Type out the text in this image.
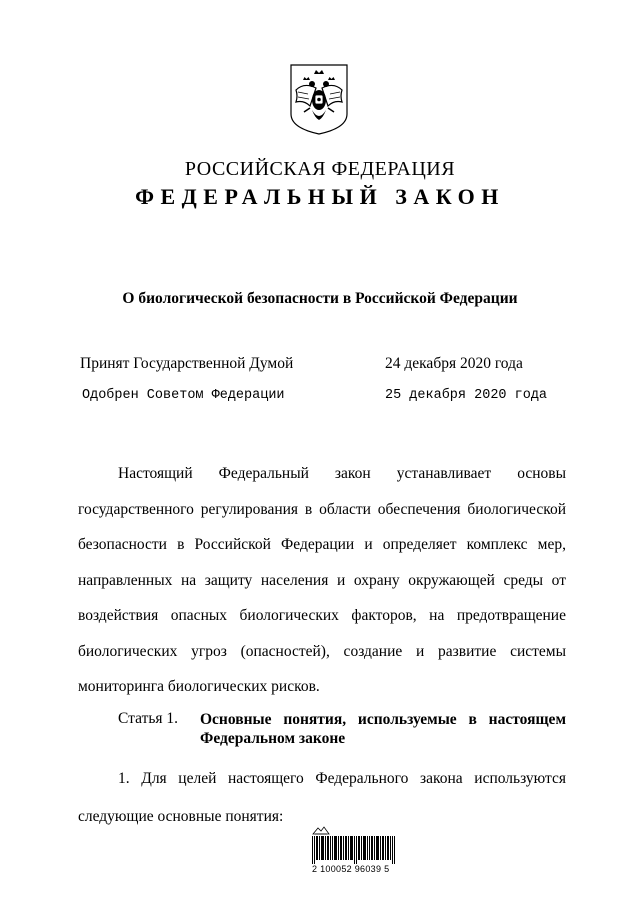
РОССИЙСКАЯ ФЕДЕРАЦИЯ
ФЕДЕРАЛЬНЫЙ ЗАКОН
О биологической безопасности в Российской Федерации
Принят Государственной Думой	24 декабря 2020 года
Одобрен Советом Федерации	25 декабря 2020 года

Настоящий Федеральный закон устанавливает основы государственного регулирования в области обеспечения биологической безопасности в Российской Федерации и определяет комплекс мер, направленных на защиту населения и охрану окружающей среды от воздействия опасных биологических факторов, на предотвращение биологических угроз (опасностей), создание и развитие системы мониторинга биологических рисков.

Статья 1. Основные понятия, используемые в настоящем Федеральном законе

1. Для целей настоящего Федерального закона используются следующие основные понятия:

2 100052 96039 5
